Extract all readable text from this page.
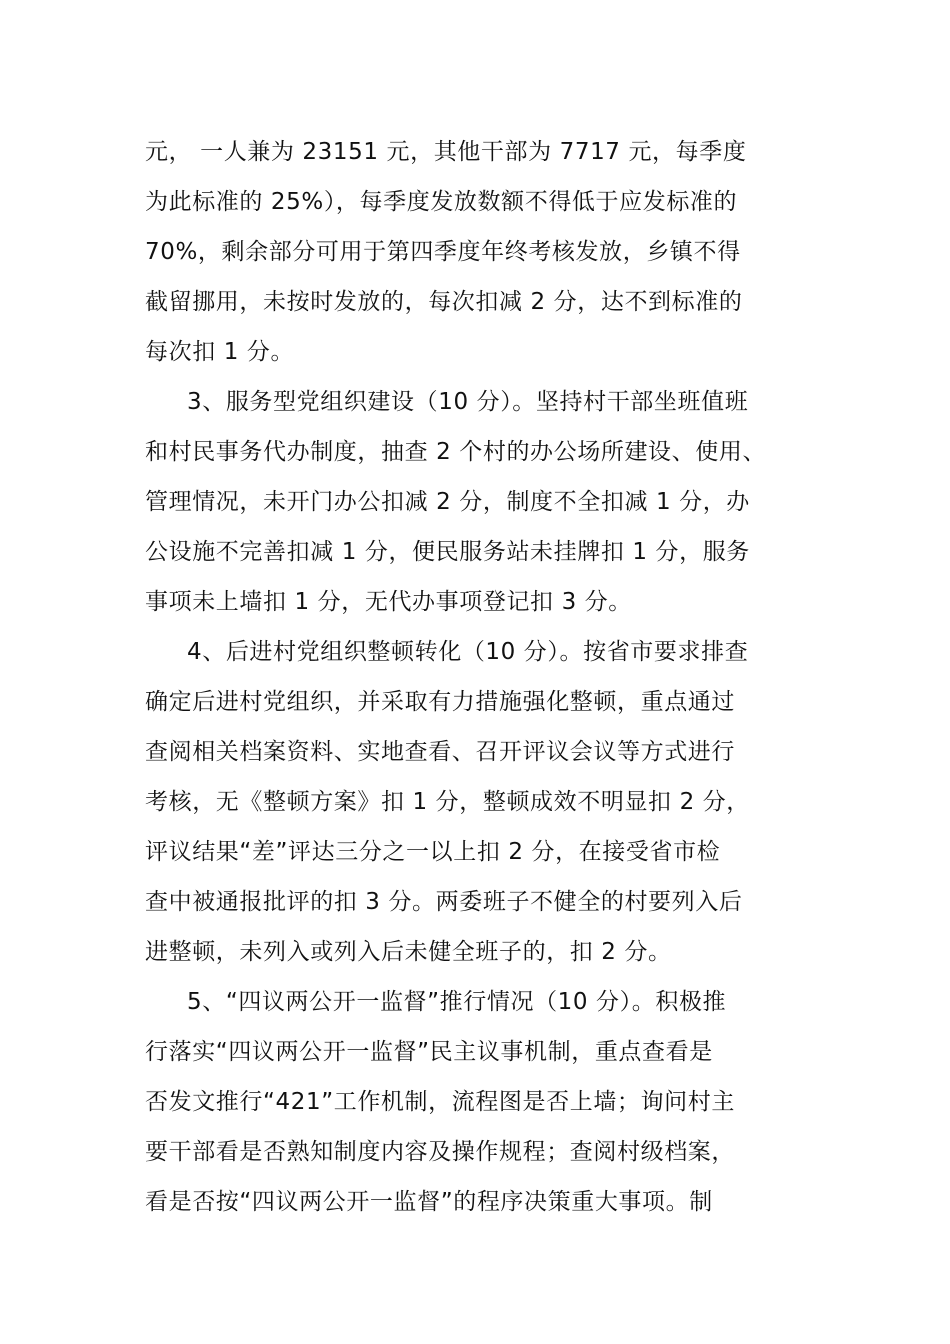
元， 一人兼为 23151 元，其他干部为 7717 元，每季度
为此标准的 25%），每季度发放数额不得低于应发标准的
70%，剩余部分可用于第四季度年终考核发放，乡镇不得
截留挪用，未按时发放的，每次扣减 2 分，达不到标准的
每次扣 1 分。
3、服务型党组织建设（10 分）。坚持村干部坐班值班
和村民事务代办制度，抽查 2 个村的办公场所建设、使用、
管理情况，未开门办公扣减 2 分，制度不全扣减 1 分，办
公设施不完善扣减 1 分，便民服务站未挂牌扣 1 分，服务
事项未上墙扣 1 分，无代办事项登记扣 3 分。
4、后进村党组织整顿转化（10 分）。按省市要求排查
确定后进村党组织，并采取有力措施强化整顿，重点通过
查阅相关档案资料、实地查看、召开评议会议等方式进行
考核，无《整顿方案》扣 1 分，整顿成效不明显扣 2 分，
评议结果“差”评达三分之一以上扣 2 分，在接受省市检
查中被通报批评的扣 3 分。两委班子不健全的村要列入后
进整顿，未列入或列入后未健全班子的，扣 2 分。
5、“四议两公开一监督”推行情况（10 分）。积极推
行落实“四议两公开一监督”民主议事机制，重点查看是
否发文推行“421”工作机制，流程图是否上墙；询问村主
要干部看是否熟知制度内容及操作规程；查阅村级档案，
看是否按“四议两公开一监督”的程序决策重大事项。制
